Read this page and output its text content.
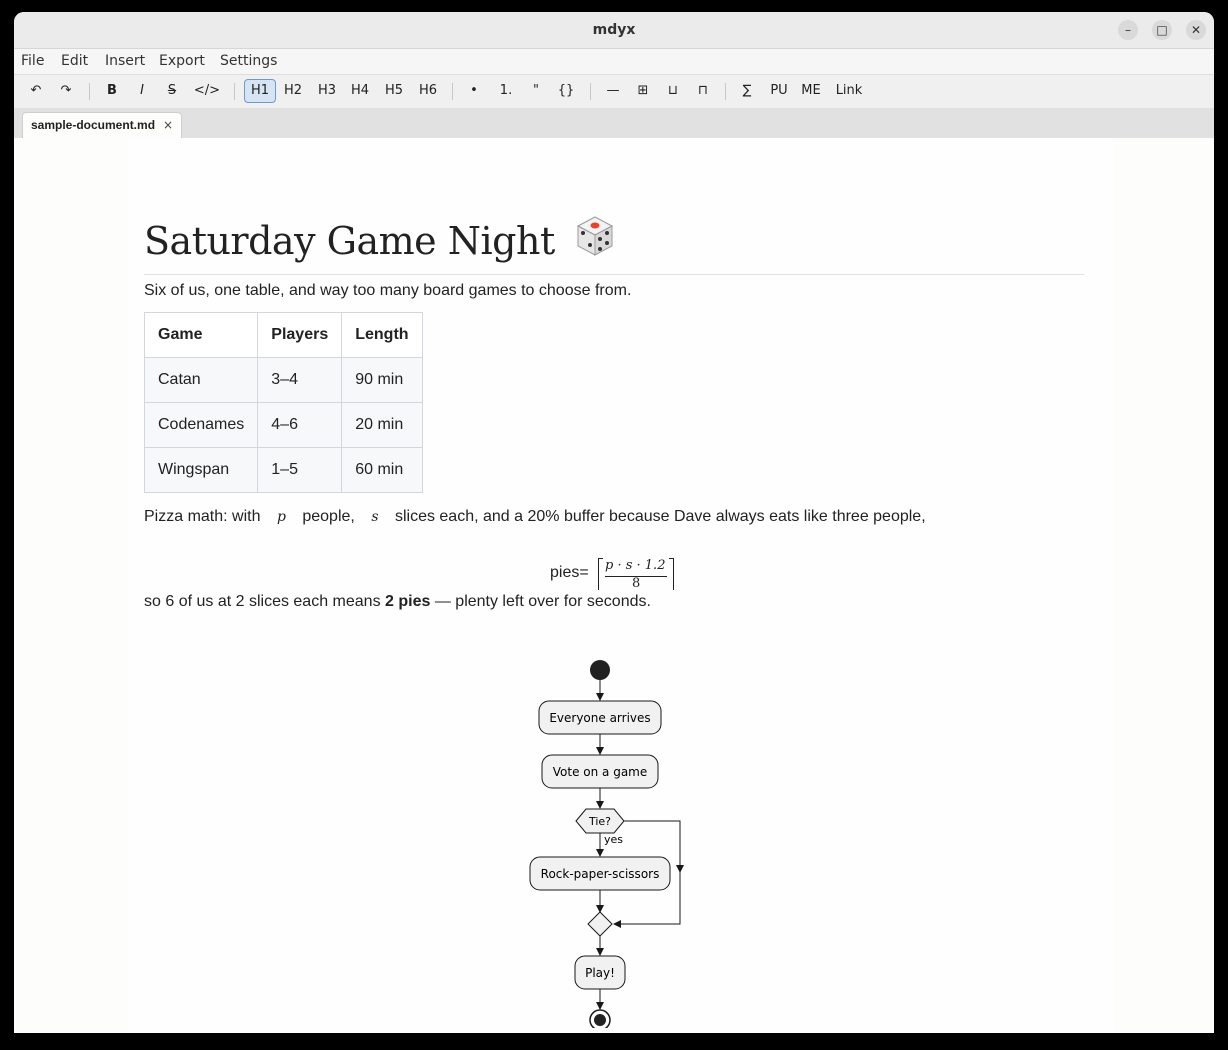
mdyx	–	□	✕
File Edit Insert Export Settings
↶	↷	B	I	S	</>	H1	H2	H3	H4	H5	H6	•	1.	"	{}	—	⊞	⊔	⊓	∑	PU	ME Link
sample-document.md ×
Saturday Game Night
Six of us, one table, and way too many board games to choose from.
Game	Players	Length
Catan	3–4	90 min
Codenames	4–6	20 min
Wingspan	1–5	60 min
Pizza math: with p people, s slices each, and a 20% buffer because Dave always eats like three people,
pies= p · s · 1.2
8
so 6 of us at 2 slices each means 2 pies — plenty left over for seconds.
Everyone arrives
Vote on a game
Tie?
yes
Rock-paper-scissors
Play!
